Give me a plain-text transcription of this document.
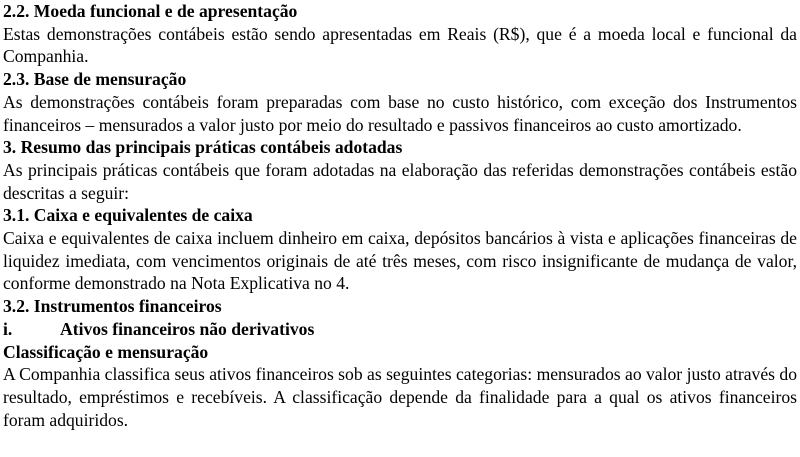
2.2. Moeda funcional e de apresentação

Estas demonstrações contábeis estão sendo apresentadas em Reais (R$), que é a moeda local e funcional da Companhia.

2.3. Base de mensuração

As demonstrações contábeis foram preparadas com base no custo histórico, com exceção dos Instrumentos financeiros – mensurados a valor justo por meio do resultado e passivos financeiros ao custo amortizado.

3. Resumo das principais práticas contábeis adotadas

As principais práticas contábeis que foram adotadas na elaboração das referidas demonstrações contábeis estão descritas a seguir:

3.1. Caixa e equivalentes de caixa

Caixa e equivalentes de caixa incluem dinheiro em caixa, depósitos bancários à vista e aplicações financeiras de liquidez imediata, com vencimentos originais de até três meses, com risco insignificante de mudança de valor, conforme demonstrado na Nota Explicativa no 4.

3.2. Instrumentos financeiros

i.	Ativos financeiros não derivativos

Classificação e mensuração

A Companhia classifica seus ativos financeiros sob as seguintes categorias: mensurados ao valor justo através do resultado, empréstimos e recebíveis. A classificação depende da finalidade para a qual os ativos financeiros foram adquiridos.
